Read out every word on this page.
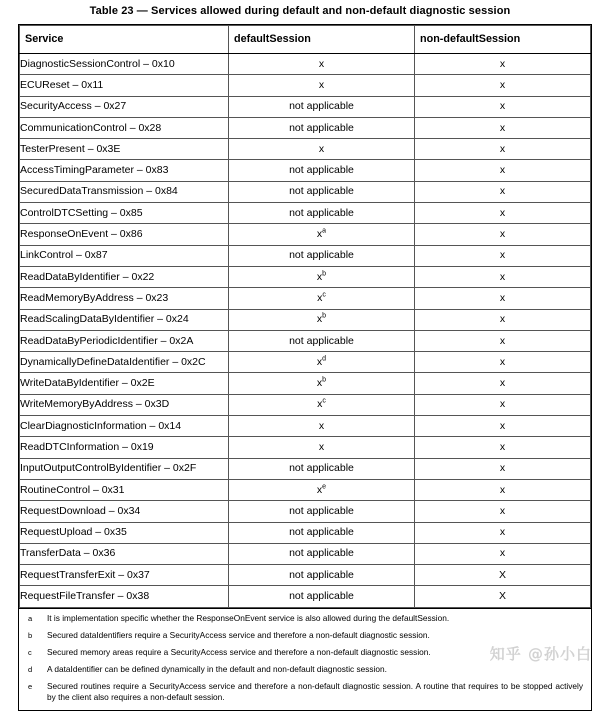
Table 23 — Services allowed during default and non-default diagnostic session
Service	defaultSession	non-defaultSession
DiagnosticSessionControl – 0x10	x	x
ECUReset – 0x11	x	x
SecurityAccess – 0x27	not applicable	x
CommunicationControl – 0x28	not applicable	x
TesterPresent – 0x3E	x	x
AccessTimingParameter – 0x83	not applicable	x
SecuredDataTransmission – 0x84	not applicable	x
ControlDTCSetting – 0x85	not applicable	x
ResponseOnEvent – 0x86	$x^a$	x
LinkControl – 0x87	not applicable	x
ReadDataByIdentifier – 0x22	$x^b$	x
ReadMemoryByAddress – 0x23	$x^c$	x
ReadScalingDataByIdentifier – 0x24	$x^b$	x
ReadDataByPeriodicIdentifier – 0x2A	not applicable	x
DynamicallyDefineDataIdentifier – 0x2C	$x^d$	x
WriteDataByIdentifier – 0x2E	$x^b$	x
WriteMemoryByAddress – 0x3D	$x^c$	x
ClearDiagnosticInformation – 0x14	x	x
ReadDTCInformation – 0x19	x	x
InputOutputControlByIdentifier – 0x2F	not applicable	x
RoutineControl – 0x31	$x^e$	x
RequestDownload – 0x34	not applicable	x
RequestUpload – 0x35	not applicable	x
TransferData – 0x36	not applicable	x
RequestTransferExit – 0x37	not applicable	X
RequestFileTransfer – 0x38	not applicable	X
a	It is implementation specific whether the ResponseOnEvent service is also allowed during the defaultSession.
b	Secured dataIdentifiers require a SecurityAccess service and therefore a non-default diagnostic session.
c	Secured memory areas require a SecurityAccess service and therefore a non-default diagnostic session.
d	A dataIdentifier can be defined dynamically in the default and non-default diagnostic session.
e	Secured routines require a SecurityAccess service and therefore a non-default diagnostic session. A routine that requires to be stopped actively by the client also requires a non-default session.
知乎 @孙小白
